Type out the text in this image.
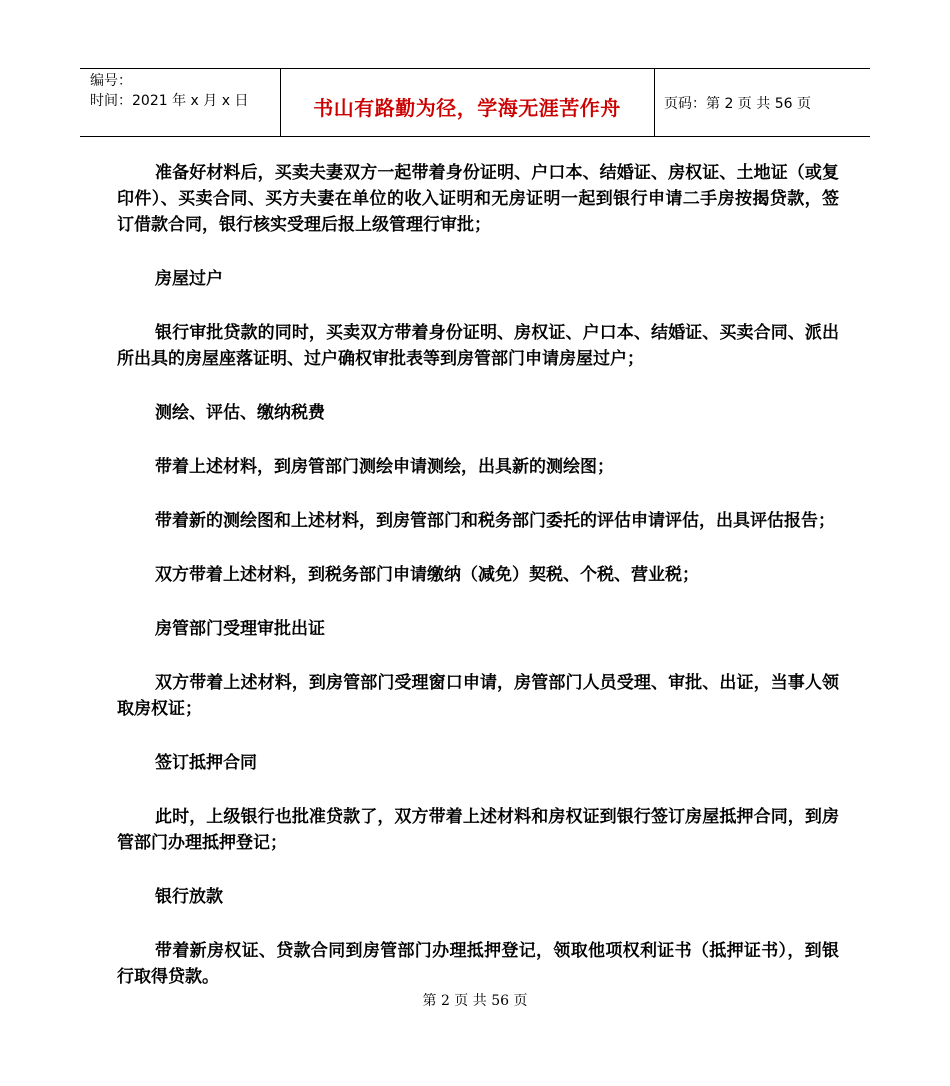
编号：
时间：2021 年 x 月 x 日	书山有路勤为径，学海无涯苦作舟	页码：第 2 页 共 56 页

准备好材料后，买卖夫妻双方一起带着身份证明、户口本、结婚证、房权证、土地证（或复印件）、买卖合同、买方夫妻在单位的收入证明和无房证明一起到银行申请二手房按揭贷款，签订借款合同，银行核实受理后报上级管理行审批；

房屋过户

银行审批贷款的同时，买卖双方带着身份证明、房权证、户口本、结婚证、买卖合同、派出所出具的房屋座落证明、过户确权审批表等到房管部门申请房屋过户；

测绘、评估、缴纳税费

带着上述材料，到房管部门测绘申请测绘，出具新的测绘图；

带着新的测绘图和上述材料，到房管部门和税务部门委托的评估申请评估，出具评估报告；

双方带着上述材料，到税务部门申请缴纳（减免）契税、个税、营业税；

房管部门受理审批出证

双方带着上述材料，到房管部门受理窗口申请，房管部门人员受理、审批、出证，当事人领取房权证；

签订抵押合同

此时，上级银行也批准贷款了，双方带着上述材料和房权证到银行签订房屋抵押合同，到房管部门办理抵押登记；

银行放款

带着新房权证、贷款合同到房管部门办理抵押登记，领取他项权利证书（抵押证书），到银行取得贷款。

第 2 页 共 56 页
